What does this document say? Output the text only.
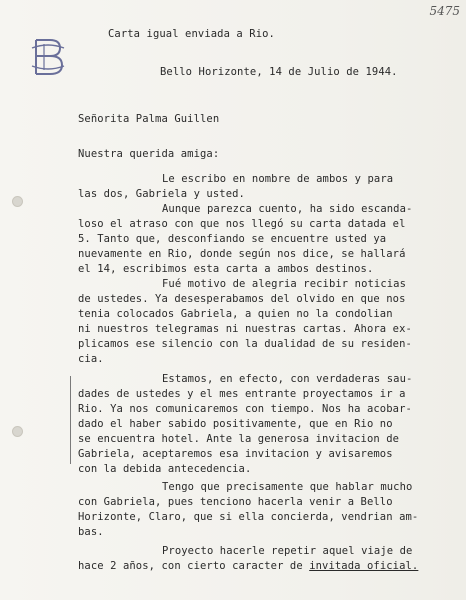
5475
Carta igual enviada a Rio.
Bello Horizonte, 14 de Julio de 1944.
Señorita Palma Guillen
Nuestra querida amiga:
Le escribo en nombre de ambos y para
las dos, Gabriela y usted.
Aunque parezca cuento, ha sido escanda-
loso el atraso con que nos llegó su carta datada el
5. Tanto que, desconfiando se encuentre usted ya
nuevamente en Rio, donde según nos dice, se hallará
el 14, escribimos esta carta a ambos destinos.
Fué motivo de alegria recibir noticias
de ustedes. Ya desesperabamos del olvido en que nos
tenia colocados Gabriela, a quien no la condolian
ni nuestros telegramas ni nuestras cartas. Ahora ex-
plicamos ese silencio con la dualidad de su residen-
cia.
Estamos, en efecto, con verdaderas sau-
dades de ustedes y el mes entrante proyectamos ir a
Rio. Ya nos comunicaremos con tiempo. Nos ha acobar-
dado el haber sabido positivamente, que en Rio no
se encuentra hotel. Ante la generosa invitacion de
Gabriela, aceptaremos esa invitacion y avisaremos
con la debida antecedencia.
Tengo que precisamente que hablar mucho
con Gabriela, pues tenciono hacerla venir a Bello
Horizonte, Claro, que si ella concierda, vendrian am-
bas.
Proyecto hacerle repetir aquel viaje de
hace 2 años, con cierto caracter de invitada oficial.
